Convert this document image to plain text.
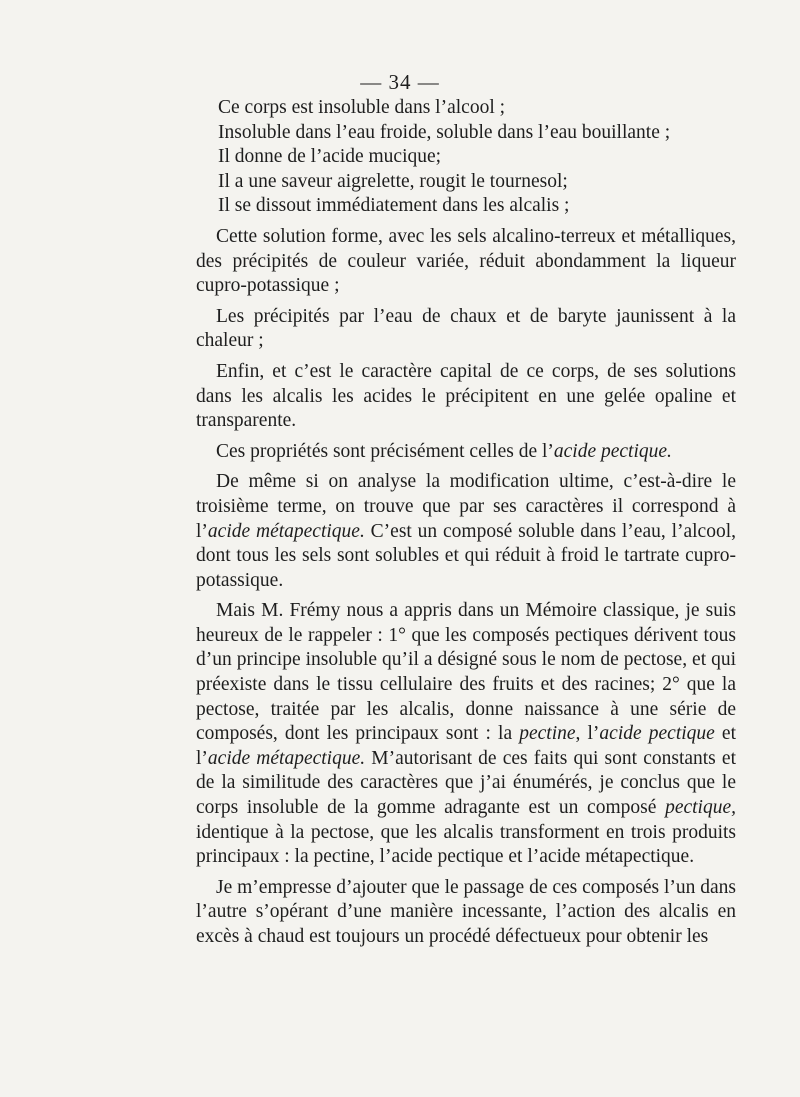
— 34 —
Ce corps est insoluble dans l’alcool ;
Insoluble dans l’eau froide, soluble dans l’eau bouillante ;
Il donne de l’acide mucique;
Il a une saveur aigrelette, rougit le tournesol;
Il se dissout immédiatement dans les alcalis ;

Cette solution forme, avec les sels alcalino-terreux et métalliques, des précipités de couleur variée, réduit abondamment la liqueur cupro-potassique ;

Les précipités par l’eau de chaux et de baryte jaunissent à la chaleur ;

Enfin, et c’est le caractère capital de ce corps, de ses solutions dans les alcalis les acides le précipitent en une gelée opaline et transparente.

Ces propriétés sont précisément celles de l’acide pectique.

De même si on analyse la modification ultime, c’est-à-dire le troisième terme, on trouve que par ses caractères il correspond à l’acide métapectique. C’est un composé soluble dans l’eau, l’alcool, dont tous les sels sont solubles et qui réduit à froid le tartrate cupro-potassique.

Mais M. Frémy nous a appris dans un Mémoire classique, je suis heureux de le rappeler : 1° que les composés pectiques dérivent tous d’un principe insoluble qu’il a désigné sous le nom de pectose, et qui préexiste dans le tissu cellulaire des fruits et des racines; 2° que la pectose, traitée par les alcalis, donne naissance à une série de composés, dont les principaux sont : la pectine, l’acide pectique et l’acide métapectique. M’autorisant de ces faits qui sont constants et de la similitude des caractères que j’ai énumérés, je conclus que le corps insoluble de la gomme adragante est un composé pectique, identique à la pectose, que les alcalis transforment en trois produits principaux : la pectine, l’acide pectique et l’acide métapectique.

Je m’empresse d’ajouter que le passage de ces composés l’un dans l’autre s’opérant d’une manière incessante, l’action des alcalis en excès à chaud est toujours un procédé défectueux pour obtenir les
